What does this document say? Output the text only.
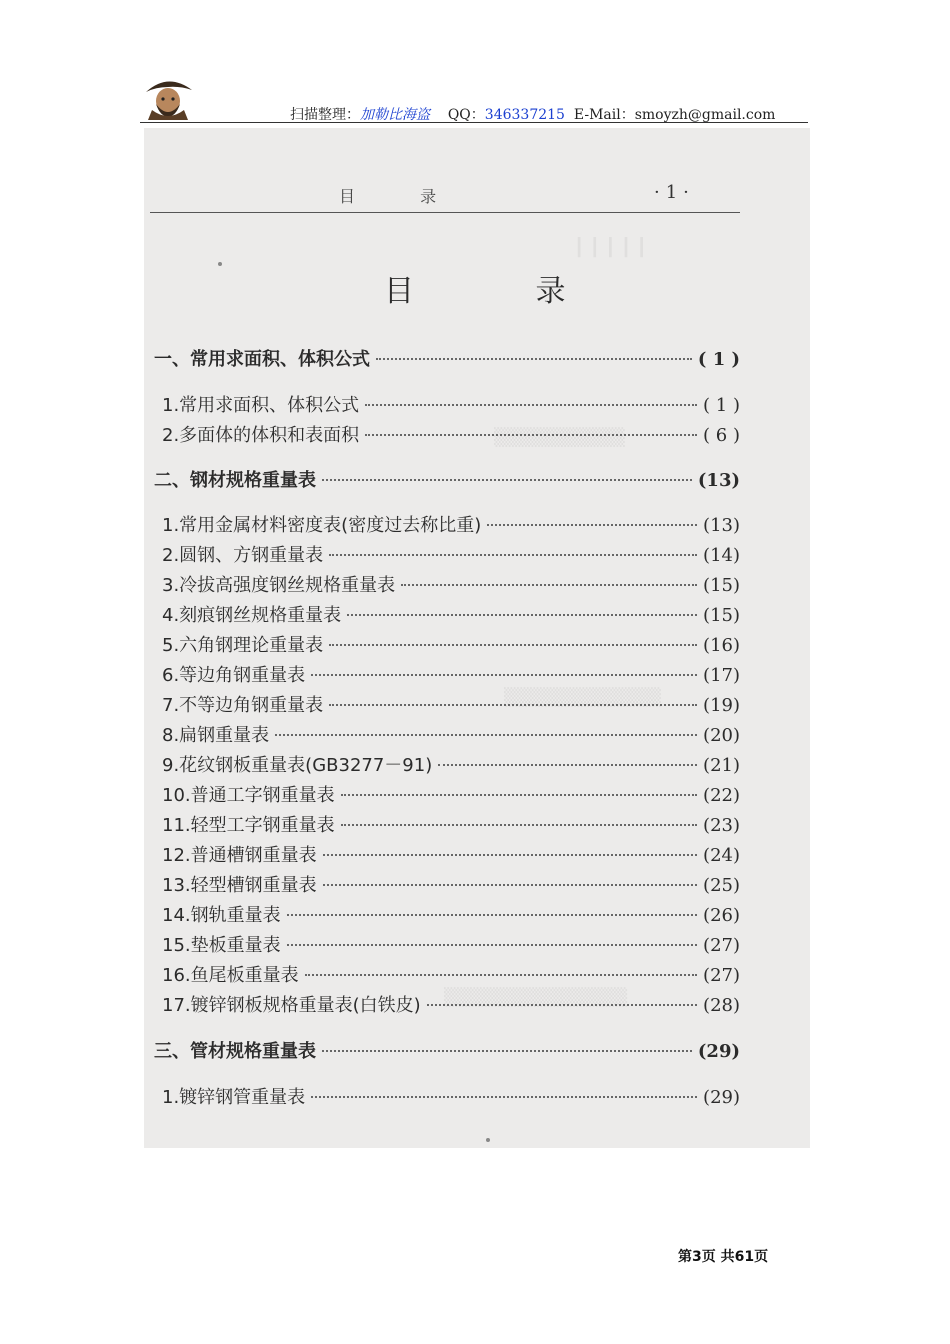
扫描整理：加勒比海盗 QQ：346337215 E-Mail：smoyzh@gmail.com
┃ ┃ ┃ ┃ ┃
▒▒▒▒▒▒▒▒▒▒
▒▒▒▒▒▒▒▒▒▒▒▒
▒▒▒▒▒▒▒▒▒▒▒▒▒▒
目 录	·1·
目 录
一、常用求面积、体积公式	( 1 )
1.常用求面积、体积公式	( 1 )
2.多面体的体积和表面积	( 6 )
二、钢材规格重量表	(13)
1.常用金属材料密度表(密度过去称比重)	(13)
2.圆钢、方钢重量表	(14)
3.冷拔高强度钢丝规格重量表	(15)
4.刻痕钢丝规格重量表	(15)
5.六角钢理论重量表	(16)
6.等边角钢重量表	(17)
7.不等边角钢重量表	(19)
8.扁钢重量表	(20)
9.花纹钢板重量表(GB3277－91)	(21)
10.普通工字钢重量表	(22)
11.轻型工字钢重量表	(23)
12.普通槽钢重量表	(24)
13.轻型槽钢重量表	(25)
14.钢轨重量表	(26)
15.垫板重量表	(27)
16.鱼尾板重量表	(27)
17.镀锌钢板规格重量表(白铁皮)	(28)
三、管材规格重量表	(29)
1.镀锌钢管重量表	(29)
第3页 共61页
